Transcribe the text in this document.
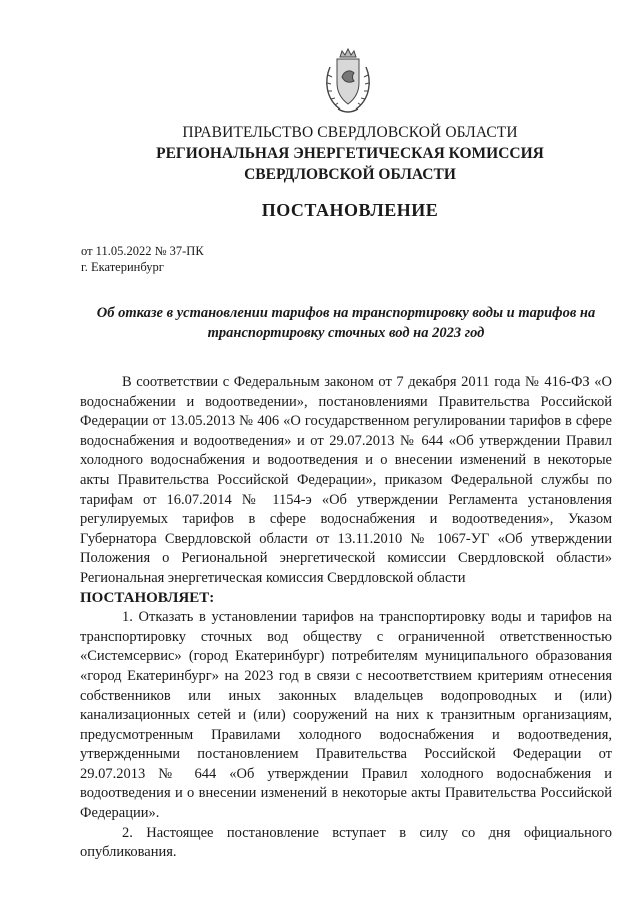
ПРАВИТЕЛЬСТВО СВЕРДЛОВСКОЙ ОБЛАСТИ
РЕГИОНАЛЬНАЯ ЭНЕРГЕТИЧЕСКАЯ КОМИССИЯ
СВЕРДЛОВСКОЙ ОБЛАСТИ
ПОСТАНОВЛЕНИЕ
от 11.05.2022 № 37-ПК
г. Екатеринбург
Об отказе в установлении тарифов на транспортировку воды и тарифов на транспортировку сточных вод на 2023 год

В соответствии с Федеральным законом от 7 декабря 2011 года № 416-ФЗ «О водоснабжении и водоотведении», постановлениями Правительства Российской Федерации от 13.05.2013 № 406 «О государственном регулировании тарифов в сфере водоснабжения и водоотведения» и от 29.07.2013 № 644 «Об утверждении Правил холодного водоснабжения и водоотведения и о внесении изменений в некоторые акты Правительства Российской Федерации», приказом Федеральной службы по тарифам от 16.07.2014 № 1154-э «Об утверждении Регламента установления регулируемых тарифов в сфере водоснабжения и водоотведения», Указом Губернатора Свердловской области от 13.11.2010 № 1067-УГ «Об утверждении Положения о Региональной энергетической комиссии Свердловской области» Региональная энергетическая комиссия Свердловской области

ПОСТАНОВЛЯЕТ:

1. Отказать в установлении тарифов на транспортировку воды и тарифов на транспортировку сточных вод обществу с ограниченной ответственностью «Системсервис» (город Екатеринбург) потребителям муниципального образования «город Екатеринбург» на 2023 год в связи с несоответствием критериям отнесения собственников или иных законных владельцев водопроводных и (или) канализационных сетей и (или) сооружений на них к транзитным организациям, предусмотренным Правилами холодного водоснабжения и водоотведения, утвержденными постановлением Правительства Российской Федерации от 29.07.2013 № 644 «Об утверждении Правил холодного водоснабжения и водоотведения и о внесении изменений в некоторые акты Правительства Российской Федерации».

2. Настоящее постановление вступает в силу со дня официального опубликования.
